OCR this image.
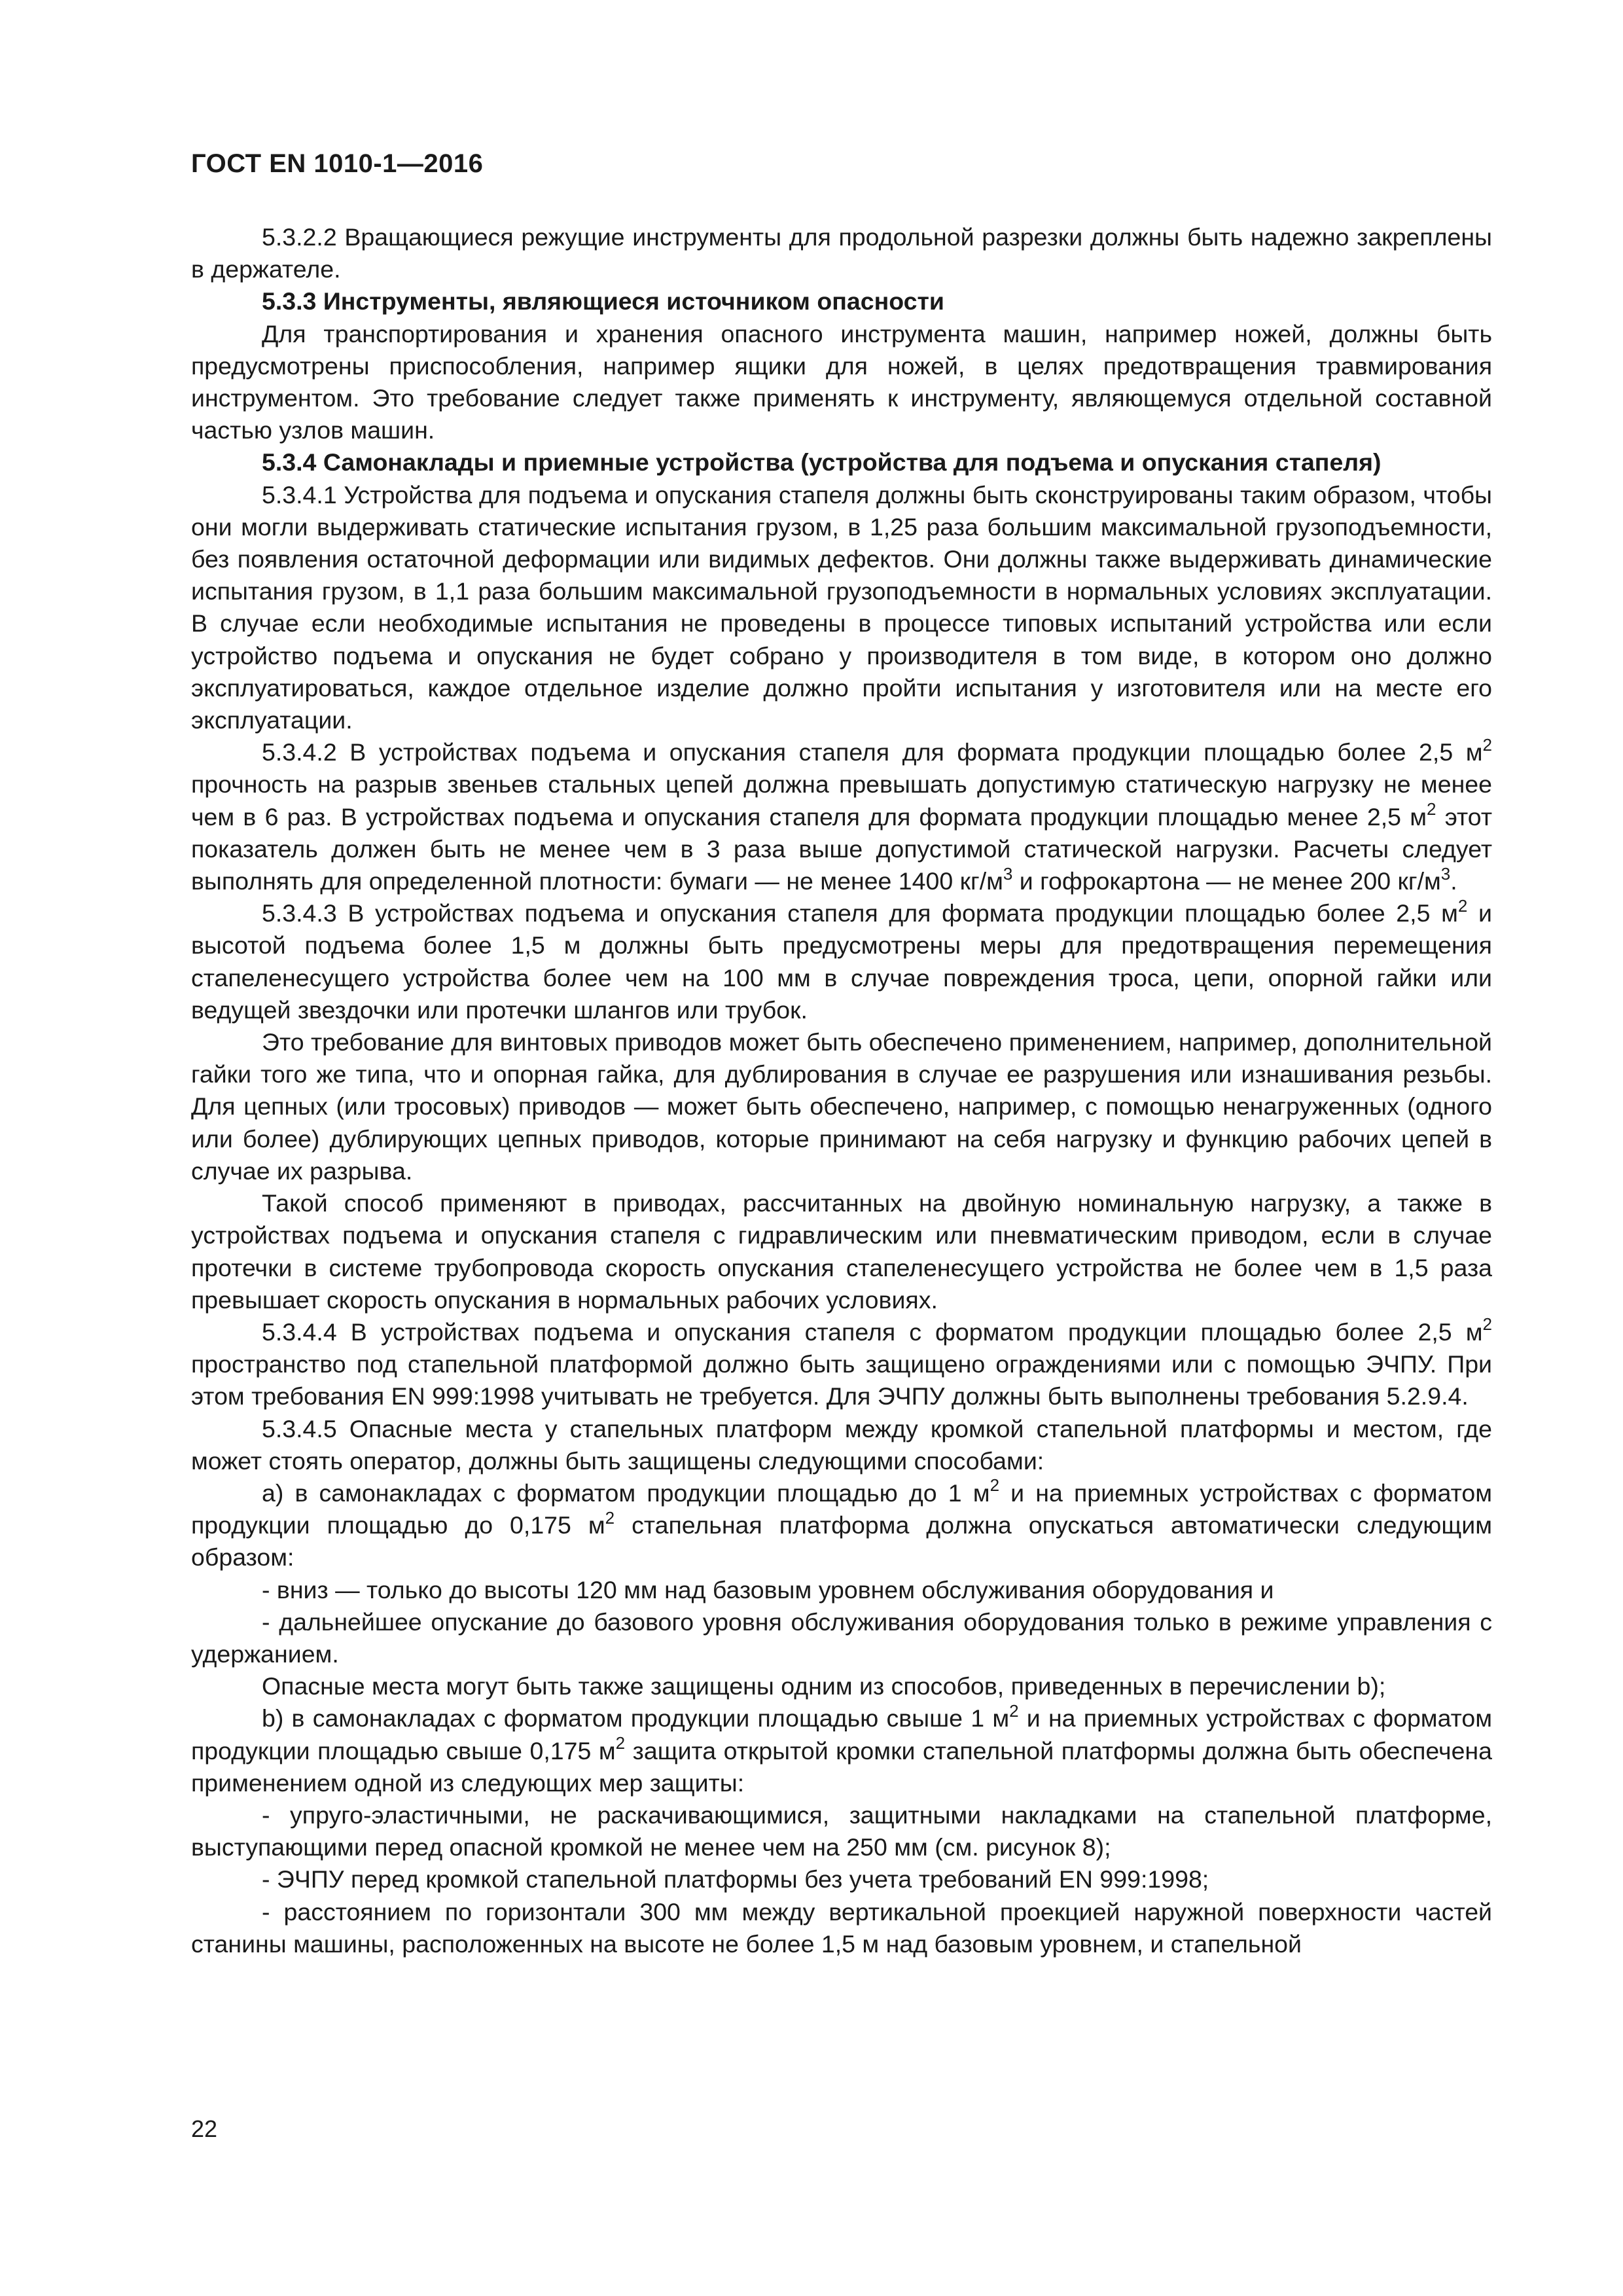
ГОСТ EN 1010-1—2016

5.3.2.2 Вращающиеся режущие инструменты для продольной разрезки должны быть надежно закреплены в держателе.

5.3.3 Инструменты, являющиеся источником опасности

Для транспортирования и хранения опасного инструмента машин, например ножей, должны быть предусмотрены приспособления, например ящики для ножей, в целях предотвращения травмирования инструментом. Это требование следует также применять к инструменту, являющемуся отдельной составной частью узлов машин.

5.3.4 Самонаклады и приемные устройства (устройства для подъема и опускания стапеля)

5.3.4.1 Устройства для подъема и опускания стапеля должны быть сконструированы таким образом, чтобы они могли выдерживать статические испытания грузом, в 1,25 раза большим максимальной грузоподъемности, без появления остаточной деформации или видимых дефектов. Они должны также выдерживать динамические испытания грузом, в 1,1 раза большим максимальной грузоподъемности в нормальных условиях эксплуатации. В случае если необходимые испытания не проведены в процессе типовых испытаний устройства или если устройство подъема и опускания не будет собрано у производителя в том виде, в котором оно должно эксплуатироваться, каждое отдельное изделие должно пройти испытания у изготовителя или на месте его эксплуатации.

5.3.4.2 В устройствах подъема и опускания стапеля для формата продукции площадью более 2,5 $м^2$ прочность на разрыв звеньев стальных цепей должна превышать допустимую статическую нагрузку не менее чем в 6 раз. В устройствах подъема и опускания стапеля для формата продукции площадью менее 2,5 $м^2$ этот показатель должен быть не менее чем в 3 раза выше допустимой статической нагрузки. Расчеты следует выполнять для определенной плотности: бумаги — не менее 1400 $кг/м^3$ и гофрокартона — не менее 200 $кг/м^3$.

5.3.4.3 В устройствах подъема и опускания стапеля для формата продукции площадью более 2,5 $м^2$ и высотой подъема более 1,5 м должны быть предусмотрены меры для предотвращения перемещения стапеленесущего устройства более чем на 100 мм в случае повреждения троса, цепи, опорной гайки или ведущей звездочки или протечки шлангов или трубок.

Это требование для винтовых приводов может быть обеспечено применением, например, дополнительной гайки того же типа, что и опорная гайка, для дублирования в случае ее разрушения или изнашивания резьбы. Для цепных (или тросовых) приводов — может быть обеспечено, например, с помощью ненагруженных (одного или более) дублирующих цепных приводов, которые принимают на себя нагрузку и функцию рабочих цепей в случае их разрыва.

Такой способ применяют в приводах, рассчитанных на двойную номинальную нагрузку, а также в устройствах подъема и опускания стапеля с гидравлическим или пневматическим приводом, если в случае протечки в системе трубопровода скорость опускания стапеленесущего устройства не более чем в 1,5 раза превышает скорость опускания в нормальных рабочих условиях.

5.3.4.4 В устройствах подъема и опускания стапеля с форматом продукции площадью более 2,5 $м^2$ пространство под стапельной платформой должно быть защищено ограждениями или с помощью ЭЧПУ. При этом требования EN 999:1998 учитывать не требуется. Для ЭЧПУ должны быть выполнены требования 5.2.9.4.

5.3.4.5 Опасные места у стапельных платформ между кромкой стапельной платформы и местом, где может стоять оператор, должны быть защищены следующими способами:

а) в самонакладах с форматом продукции площадью до 1 $м^2$ и на приемных устройствах с форматом продукции площадью до 0,175 $м^2$ стапельная платформа должна опускаться автоматически следующим образом:

- вниз — только до высоты 120 мм над базовым уровнем обслуживания оборудования и

- дальнейшее опускание до базового уровня обслуживания оборудования только в режиме управления с удержанием.

Опасные места могут быть также защищены одним из способов, приведенных в перечислении b);

b) в самонакладах с форматом продукции площадью свыше 1 $м^2$ и на приемных устройствах с форматом продукции площадью свыше 0,175 $м^2$ защита открытой кромки стапельной платформы должна быть обеспечена применением одной из следующих мер защиты:

- упруго-эластичными, не раскачивающимися, защитными накладками на стапельной платформе, выступающими перед опасной кромкой не менее чем на 250 мм (см. рисунок 8);

- ЭЧПУ перед кромкой стапельной платформы без учета требований EN 999:1998;

- расстоянием по горизонтали 300 мм между вертикальной проекцией наружной поверхности частей станины машины, расположенных на высоте не более 1,5 м над базовым уровнем, и стапельной

22
